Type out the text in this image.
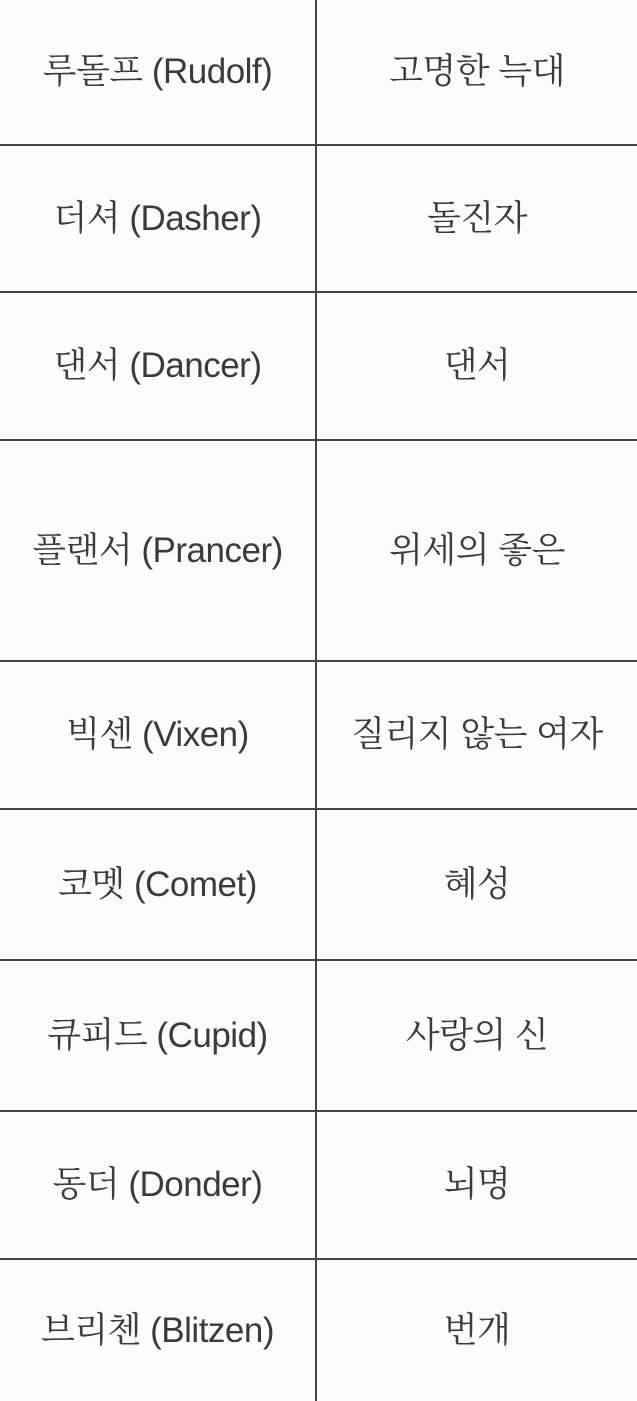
루돌프 (Rudolf)	고명한 늑대
더셔 (Dasher)	돌진자
댄서 (Dancer)	댄서
플랜서 (Prancer)	위세의 좋은
빅센 (Vixen)	질리지 않는 여자
코멧 (Comet)	혜성
큐피드 (Cupid)	사랑의 신
동더 (Donder)	뇌명
브리첸 (Blitzen)	번개
